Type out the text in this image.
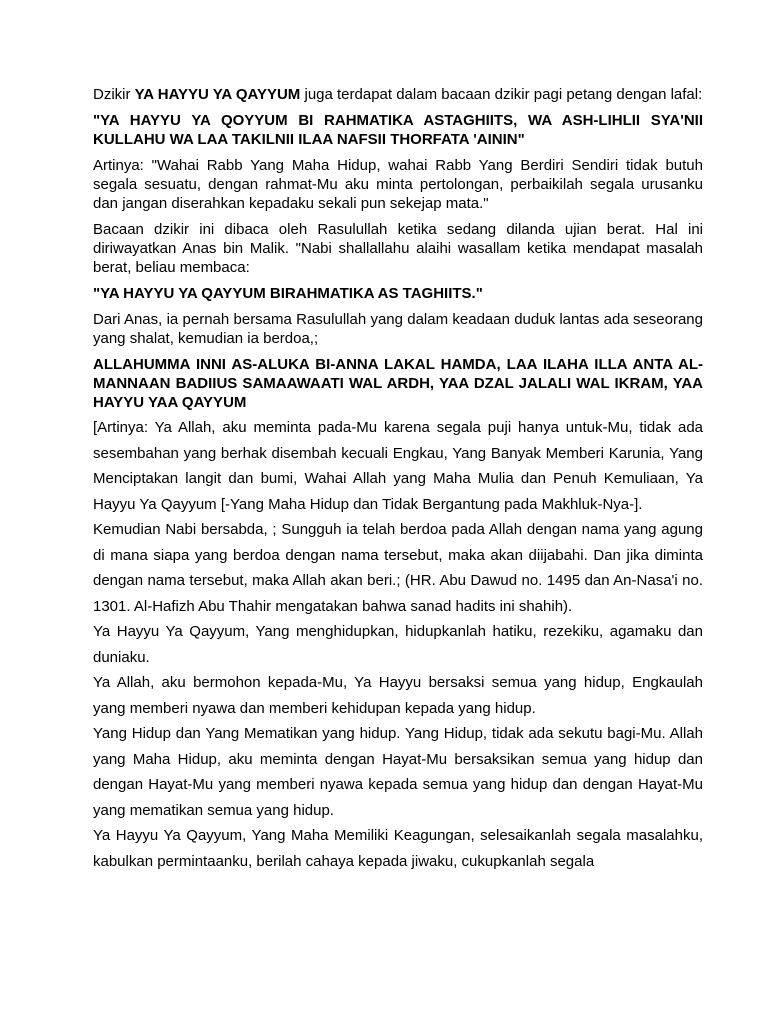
Dzikir YA HAYYU YA QAYYUM juga terdapat dalam bacaan dzikir pagi petang dengan lafal:

"YA HAYYU YA QOYYUM BI RAHMATIKA ASTAGHIITS, WA ASH-LIHLII SYA'NII KULLAHU WA LAA TAKILNII ILAA NAFSII THORFATA 'AININ"

Artinya: "Wahai Rabb Yang Maha Hidup, wahai Rabb Yang Berdiri Sendiri tidak butuh segala sesuatu, dengan rahmat-Mu aku minta pertolongan, perbaikilah segala urusanku dan jangan diserahkan kepadaku sekali pun sekejap mata."

Bacaan dzikir ini dibaca oleh Rasulullah ketika sedang dilanda ujian berat. Hal ini diriwayatkan Anas bin Malik. "Nabi shallallahu alaihi wasallam ketika mendapat masalah berat, beliau membaca:

"YA HAYYU YA QAYYUM BIRAHMATIKA AS TAGHIITS."

Dari Anas, ia pernah bersama Rasulullah yang dalam keadaan duduk lantas ada seseorang yang shalat, kemudian ia berdoa,;

ALLAHUMMA INNI AS-ALUKA BI-ANNA LAKAL HAMDA, LAA ILAHA ILLA ANTA AL-MANNAAN BADIIUS SAMAAWAATI WAL ARDH, YAA DZAL JALALI WAL IKRAM, YAA HAYYU YAA QAYYUM

[Artinya: Ya Allah, aku meminta pada-Mu karena segala puji hanya untuk-Mu, tidak ada sesembahan yang berhak disembah kecuali Engkau, Yang Banyak Memberi Karunia, Yang Menciptakan langit dan bumi, Wahai Allah yang Maha Mulia dan Penuh Kemuliaan, Ya Hayyu Ya Qayyum [-Yang Maha Hidup dan Tidak Bergantung pada Makhluk-Nya-].

Kemudian Nabi bersabda, ; Sungguh ia telah berdoa pada Allah dengan nama yang agung di mana siapa yang berdoa dengan nama tersebut, maka akan diijabahi. Dan jika diminta dengan nama tersebut, maka Allah akan beri.; (HR. Abu Dawud no. 1495 dan An-Nasa'i no. 1301. Al-Hafizh Abu Thahir mengatakan bahwa sanad hadits ini shahih).

Ya Hayyu Ya Qayyum, Yang menghidupkan, hidupkanlah hatiku, rezekiku, agamaku dan duniaku.

Ya Allah, aku bermohon kepada-Mu, Ya Hayyu bersaksi semua yang hidup, Engkaulah yang memberi nyawa dan memberi kehidupan kepada yang hidup.

Yang Hidup dan Yang Mematikan yang hidup. Yang Hidup, tidak ada sekutu bagi-Mu. Allah yang Maha Hidup, aku meminta dengan Hayat-Mu bersaksikan semua yang hidup dan dengan Hayat-Mu yang memberi nyawa kepada semua yang hidup dan dengan Hayat-Mu yang mematikan semua yang hidup.

Ya Hayyu Ya Qayyum, Yang Maha Memiliki Keagungan, selesaikanlah segala masalahku, kabulkan permintaanku, berilah cahaya kepada jiwaku, cukupkanlah segala
